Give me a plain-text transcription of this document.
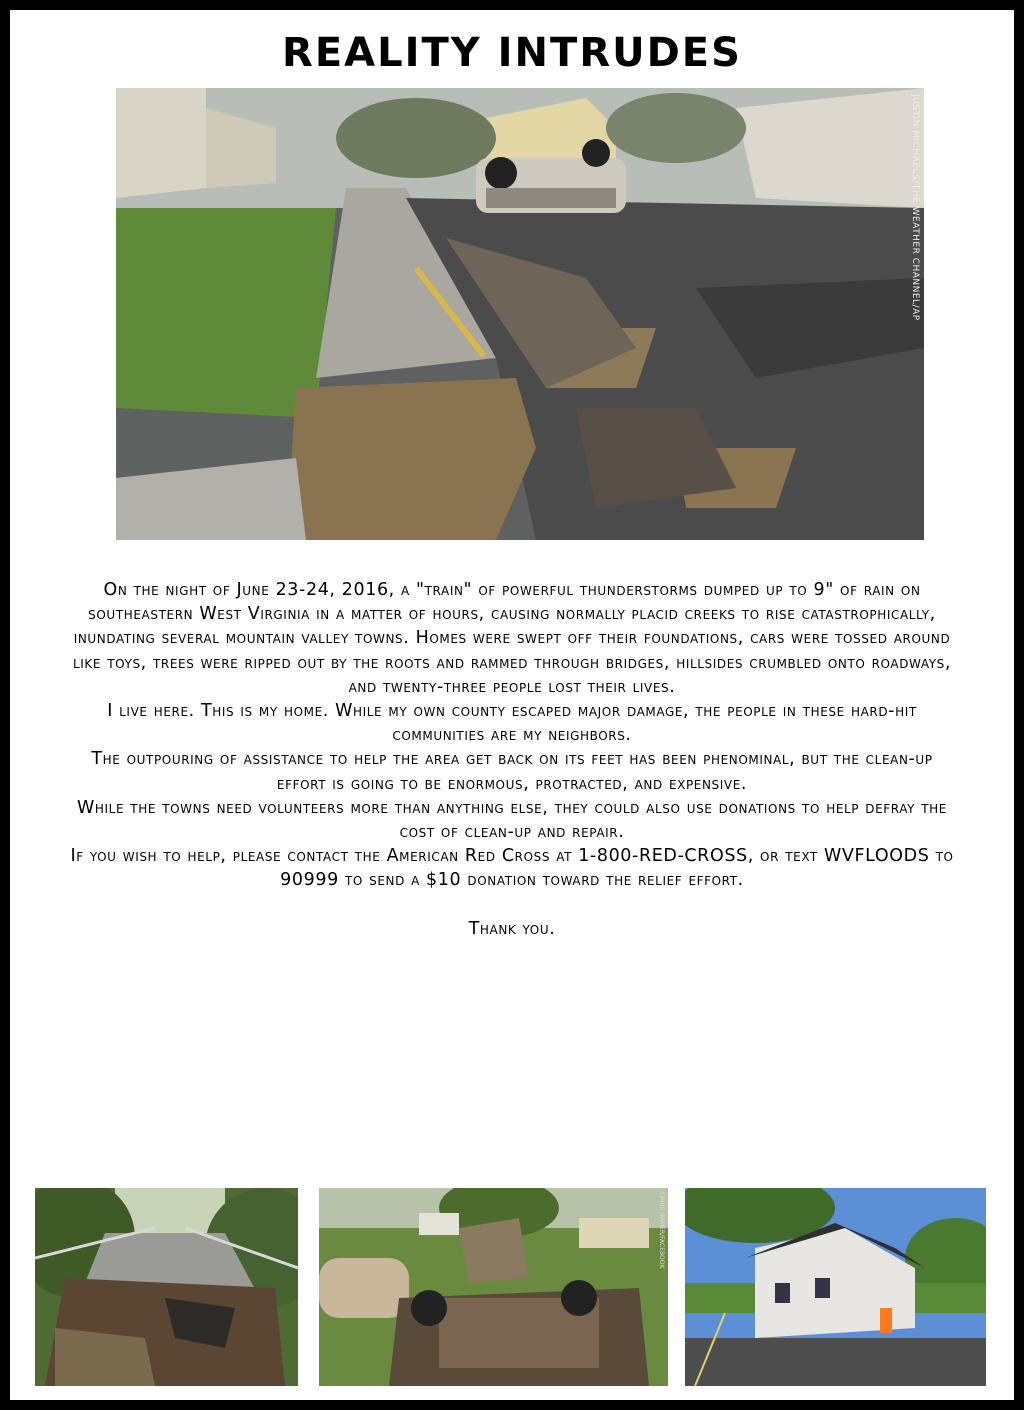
REALITY INTRUDES
JUSTIN MICHAELS/THE WEATHER CHANNEL/AP

On the night of June 23-24, 2016, a "train" of powerful thunderstorms dumped up to 9" of rain on southeastern West Virginia in a matter of hours, causing normally placid creeks to rise catastrophically, inundating several mountain valley towns. Homes were swept off their foundations, cars were tossed around like toys, trees were ripped out by the roots and rammed through bridges, hillsides crumbled onto roadways, and twenty-three people lost their lives.

I live here. This is my home. While my own county escaped major damage, the people in these hard-hit communities are my neighbors.

The outpouring of assistance to help the area get back on its feet has been phenominal, but the clean-up effort is going to be enormous, protracted, and expensive.

While the towns need volunteers more than anything else, they could also use donations to help defray the cost of clean-up and repair.

If you wish to help, please contact the American Red Cross at 1-800-RED-CROSS, or text WVFLOODS to 90999 to send a $10 donation toward the relief effort.

Thank you.

CHRIS HAMER/FACEBOOK
